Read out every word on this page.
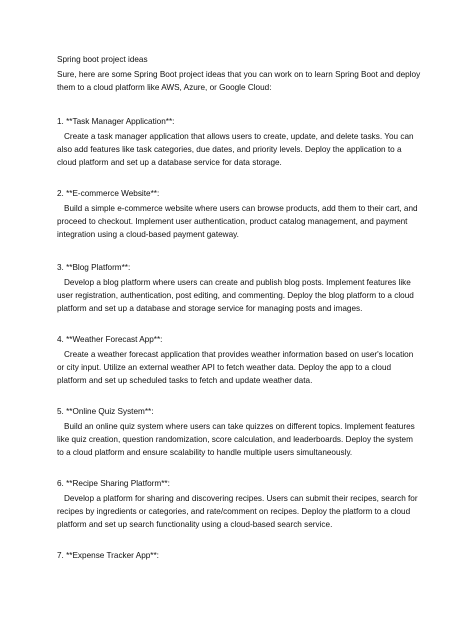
Spring boot project ideas
Sure, here are some Spring Boot project ideas that you can work on to learn Spring Boot and deploy
them to a cloud platform like AWS, Azure, or Google Cloud:
1. **Task Manager Application**:
Create a task manager application that allows users to create, update, and delete tasks. You can
also add features like task categories, due dates, and priority levels. Deploy the application to a
cloud platform and set up a database service for data storage.
2. **E-commerce Website**:
Build a simple e-commerce website where users can browse products, add them to their cart, and
proceed to checkout. Implement user authentication, product catalog management, and payment
integration using a cloud-based payment gateway.
3. **Blog Platform**:
Develop a blog platform where users can create and publish blog posts. Implement features like
user registration, authentication, post editing, and commenting. Deploy the blog platform to a cloud
platform and set up a database and storage service for managing posts and images.
4. **Weather Forecast App**:
Create a weather forecast application that provides weather information based on user's location
or city input. Utilize an external weather API to fetch weather data. Deploy the app to a cloud
platform and set up scheduled tasks to fetch and update weather data.
5. **Online Quiz System**:
Build an online quiz system where users can take quizzes on different topics. Implement features
like quiz creation, question randomization, score calculation, and leaderboards. Deploy the system
to a cloud platform and ensure scalability to handle multiple users simultaneously.
6. **Recipe Sharing Platform**:
Develop a platform for sharing and discovering recipes. Users can submit their recipes, search for
recipes by ingredients or categories, and rate/comment on recipes. Deploy the platform to a cloud
platform and set up search functionality using a cloud-based search service.
7. **Expense Tracker App**:
